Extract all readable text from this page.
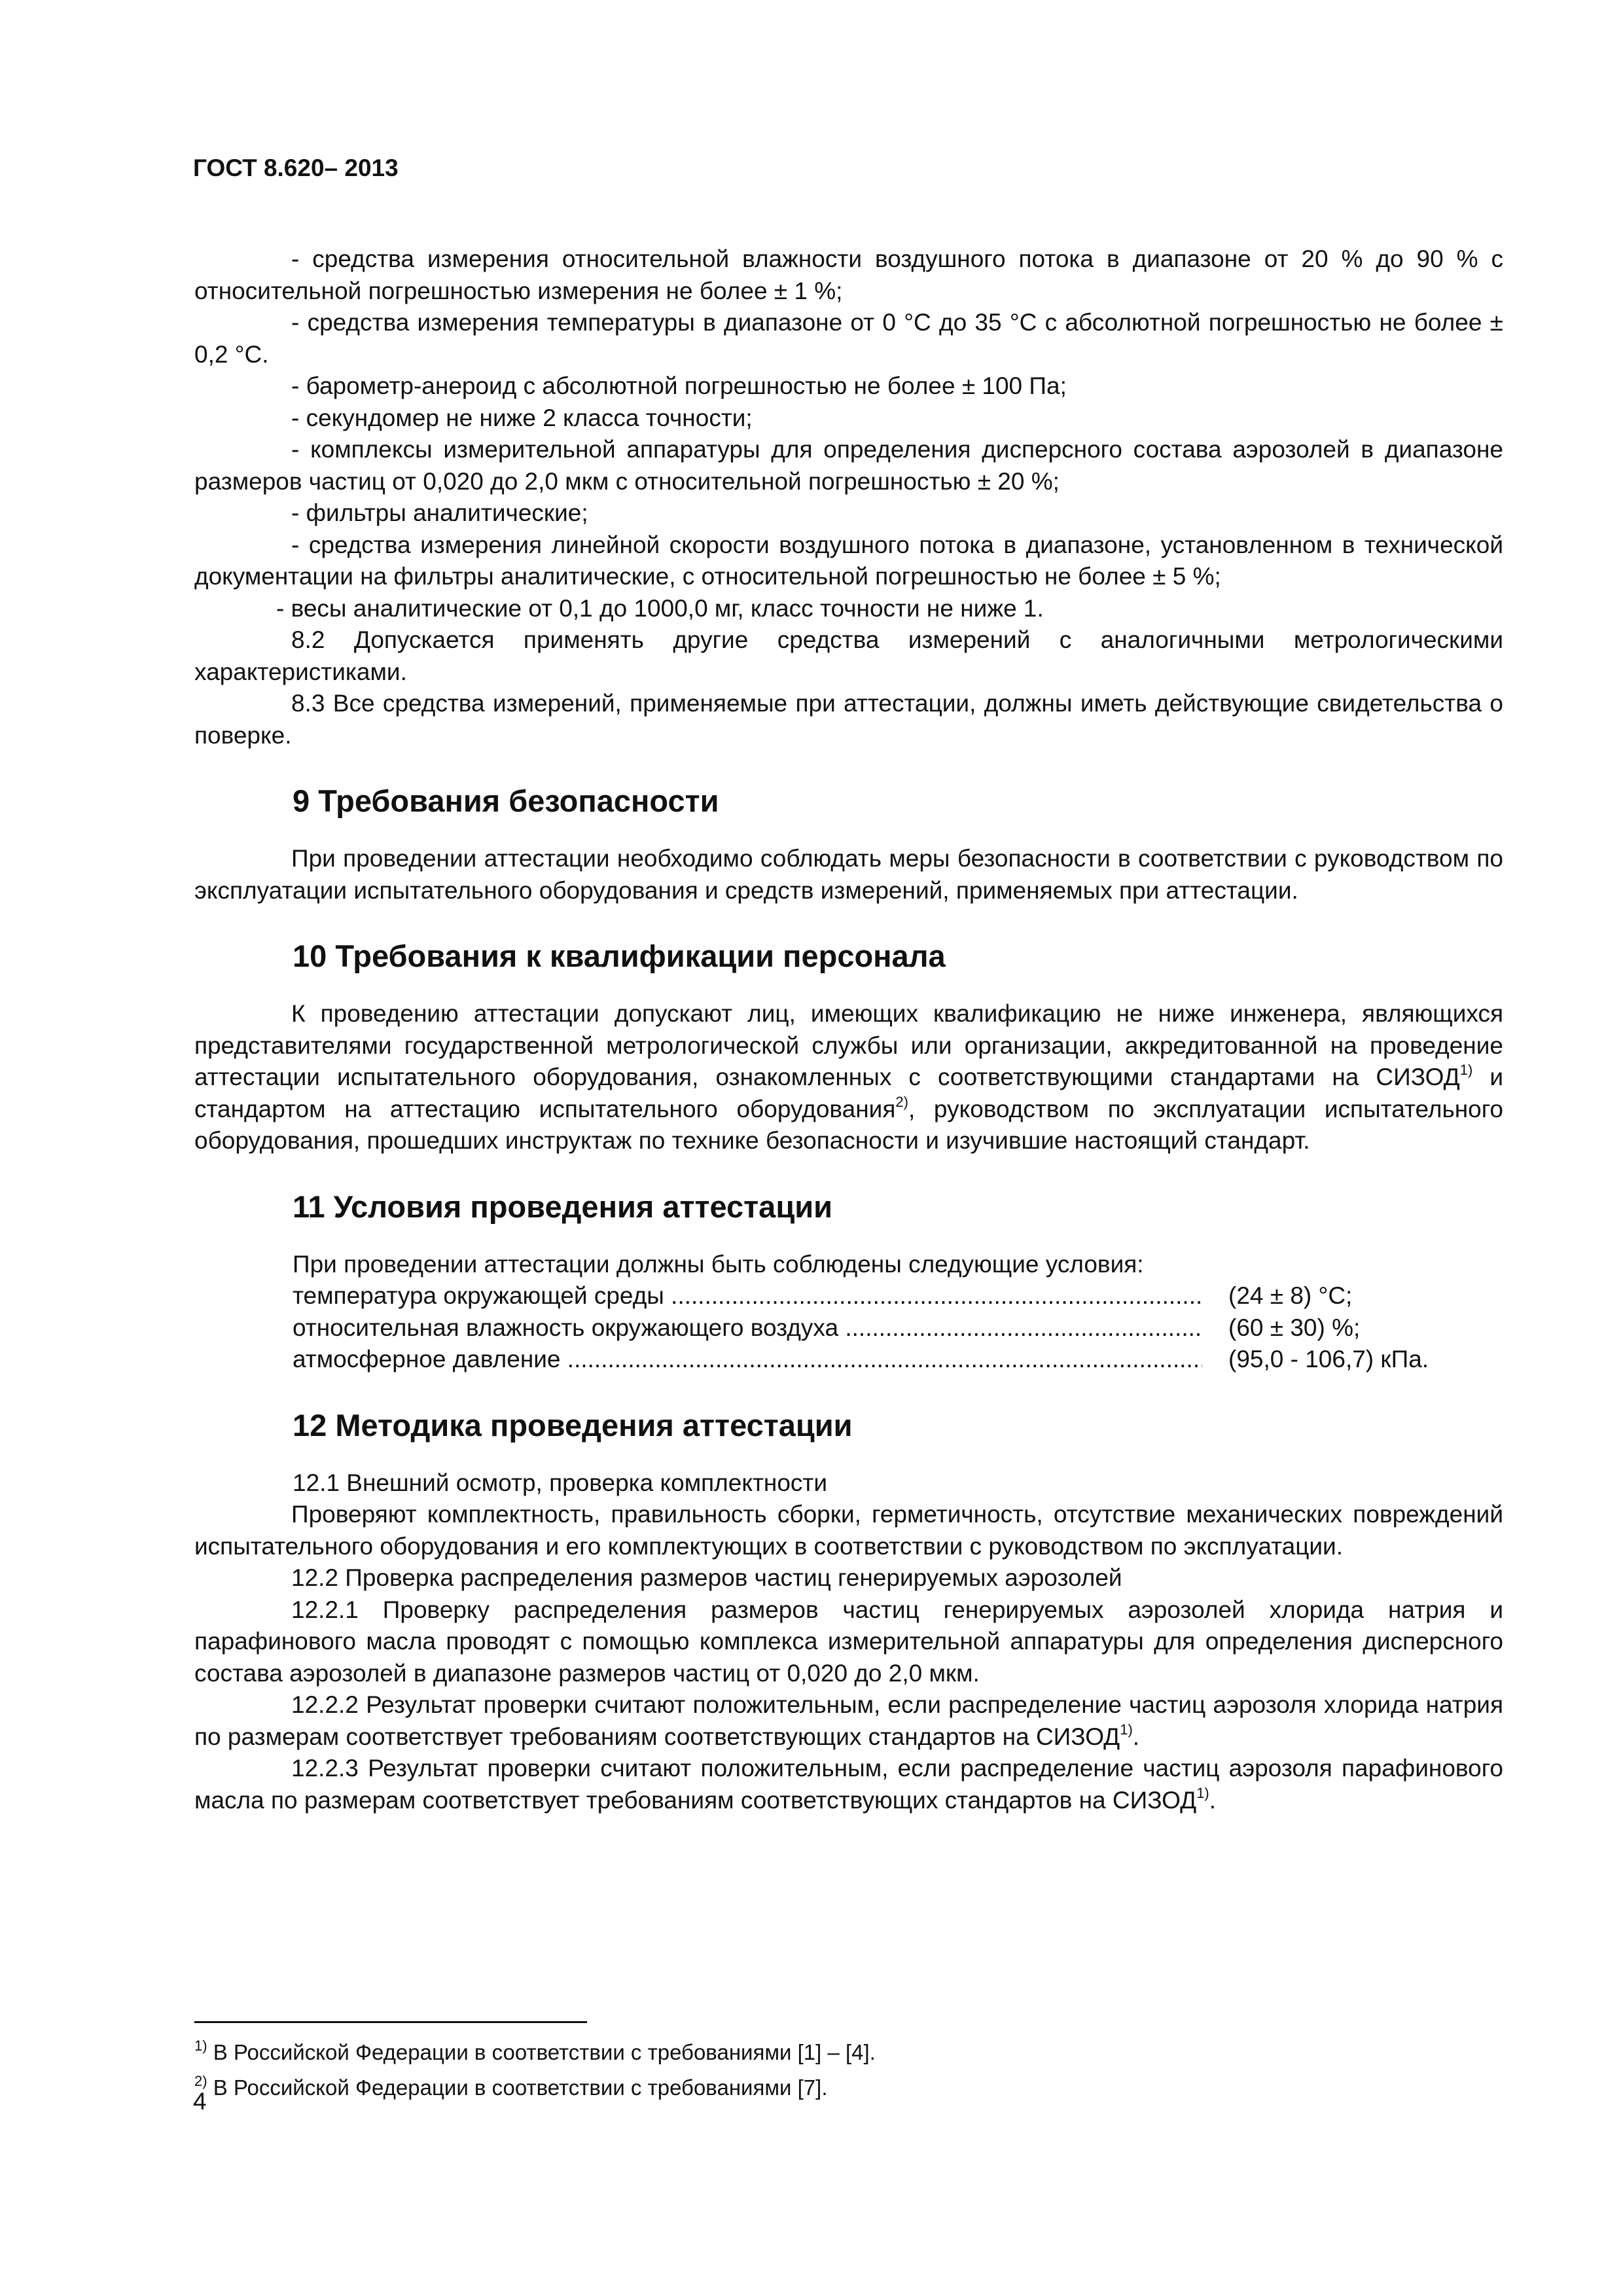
ГОСТ 8.620– 2013

- средства измерения относительной влажности воздушного потока в диапазоне от 20 % до 90 % с относительной погрешностью измерения не более ± 1 %;

- средства измерения температуры в диапазоне от 0 °С до 35 °С с абсолютной погрешностью не более ± 0,2 °С.

- барометр-анероид с абсолютной погрешностью не более ± 100 Па;

- секундомер не ниже 2 класса точности;

- комплексы измерительной аппаратуры для определения дисперсного состава аэрозолей в диапазоне размеров частиц от 0,020 до 2,0 мкм с относительной погрешностью ± 20 %;

- фильтры аналитические;

- средства измерения линейной скорости воздушного потока в диапазоне, установленном в технической документации на фильтры аналитические, с относительной погрешностью не более ± 5 %;

- весы аналитические от 0,1 до 1000,0 мг, класс точности не ниже 1.

8.2 Допускается применять другие средства измерений с аналогичными метрологическими характеристиками.

8.3 Все средства измерений, применяемые при аттестации, должны иметь действующие свидетельства о поверке.

9 Требования безопасности

При проведении аттестации необходимо соблюдать меры безопасности в соответствии с руководством по эксплуатации испытательного оборудования и средств измерений, применяемых при аттестации.

10 Требования к квалификации персонала

К проведению аттестации допускают лиц, имеющих квалификацию не ниже инженера, являющихся представителями государственной метрологической службы или организации, аккредитованной на проведение аттестации испытательного оборудования, ознакомленных с соответствующими стандартами на СИЗОД$^{1)}$ и стандартом на аттестацию испытательного оборудования$^{2)}$, руководством по эксплуатации испытательного оборудования, прошедших инструктаж по технике безопасности и изучившие настоящий стандарт.

11 Условия проведения аттестации

При проведении аттестации должны быть соблюдены следующие условия:

температура окружающей среды .....	(24 ± 8) °С;
относительная влажность окружающего воздуха .....	(60 ± 30) %;
атмосферное давление .....	(95,0 - 106,7) кПа.
12 Методика проведения аттестации

12.1 Внешний осмотр, проверка комплектности

Проверяют комплектность, правильность сборки, герметичность, отсутствие механических повреждений испытательного оборудования и его комплектующих в соответствии с руководством по эксплуатации.

12.2 Проверка распределения размеров частиц генерируемых аэрозолей

12.2.1 Проверку распределения размеров частиц генерируемых аэрозолей хлорида натрия и парафинового масла проводят с помощью комплекса измерительной аппаратуры для определения дисперсного состава аэрозолей в диапазоне размеров частиц от 0,020 до 2,0 мкм.

12.2.2 Результат проверки считают положительным, если распределение частиц аэрозоля хлорида натрия по размерам соответствует требованиям соответствующих стандартов на СИЗОД$^{1)}$.

12.2.3 Результат проверки считают положительным, если распределение частиц аэрозоля парафинового масла по размерам соответствует требованиям соответствующих стандартов на СИЗОД$^{1)}$.

$^{1)}$ В Российской Федерации в соответствии с требованиями [1] – [4].

$^{2)}$ В Российской Федерации в соответствии с требованиями [7].

4
